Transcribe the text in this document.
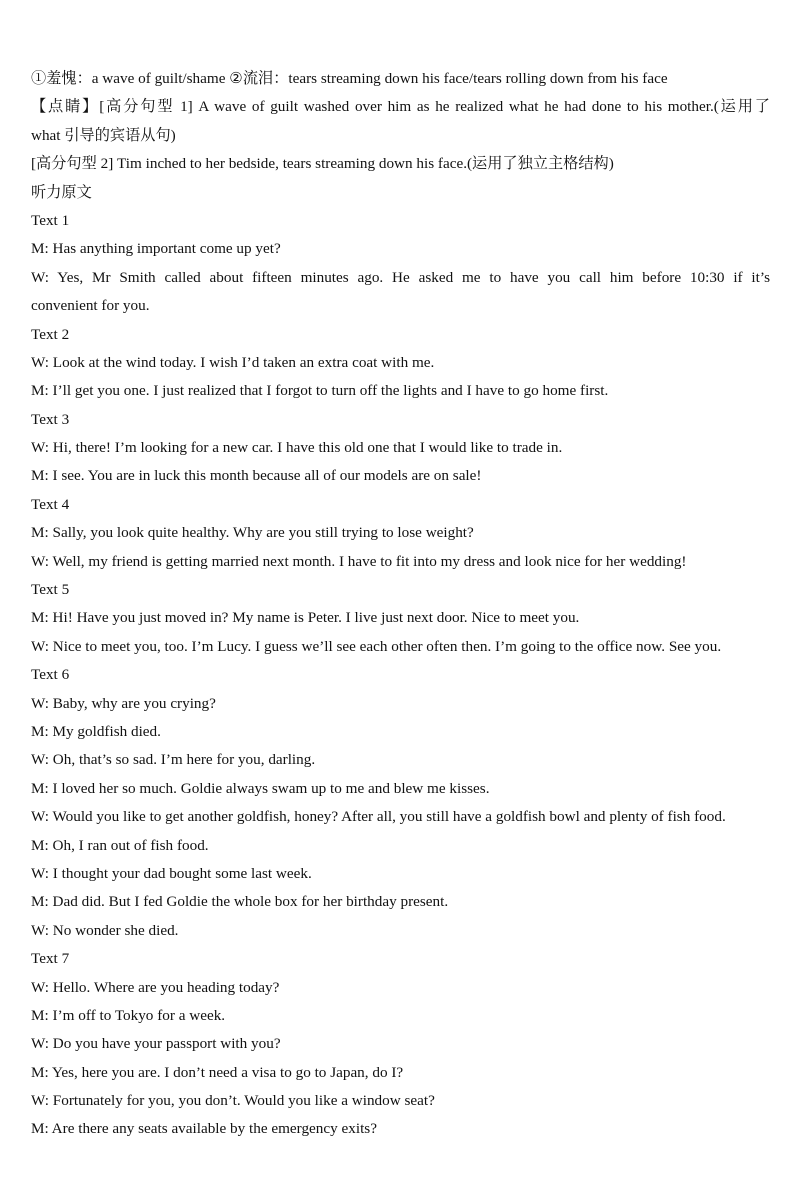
①羞愧：a wave of guilt/shame ②流泪：tears streaming down his face/tears rolling down from his face
【点睛】[高分句型 1] A wave of guilt washed over him as he realized what he had done to his mother.(运用了
what 引导的宾语从句)
[高分句型 2] Tim inched to her bedside, tears streaming down his face.(运用了独立主格结构)
听力原文
Text 1
M: Has anything important come up yet?
W: Yes, Mr Smith called about fifteen minutes ago. He asked me to have you call him before 10:30 if it’s
convenient for you.
Text 2
W: Look at the wind today. I wish I’d taken an extra coat with me.
M: I’ll get you one. I just realized that I forgot to turn off the lights and I have to go home first.
Text 3
W: Hi, there! I’m looking for a new car. I have this old one that I would like to trade in.
M: I see. You are in luck this month because all of our models are on sale!
Text 4
M: Sally, you look quite healthy. Why are you still trying to lose weight?
W: Well, my friend is getting married next month. I have to fit into my dress and look nice for her wedding!
Text 5
M: Hi! Have you just moved in? My name is Peter. I live just next door. Nice to meet you.
W: Nice to meet you, too. I’m Lucy. I guess we’ll see each other often then. I’m going to the office now. See you.
Text 6
W: Baby, why are you crying?
M: My goldfish died.
W: Oh, that’s so sad. I’m here for you, darling.
M: I loved her so much. Goldie always swam up to me and blew me kisses.
W: Would you like to get another goldfish, honey? After all, you still have a goldfish bowl and plenty of fish food.
M: Oh, I ran out of fish food.
W: I thought your dad bought some last week.
M: Dad did. But I fed Goldie the whole box for her birthday present.
W: No wonder she died.
Text 7
W: Hello. Where are you heading today?
M: I’m off to Tokyo for a week.
W: Do you have your passport with you?
M: Yes, here you are. I don’t need a visa to go to Japan, do I?
W: Fortunately for you, you don’t. Would you like a window seat?
M: Are there any seats available by the emergency exits?
